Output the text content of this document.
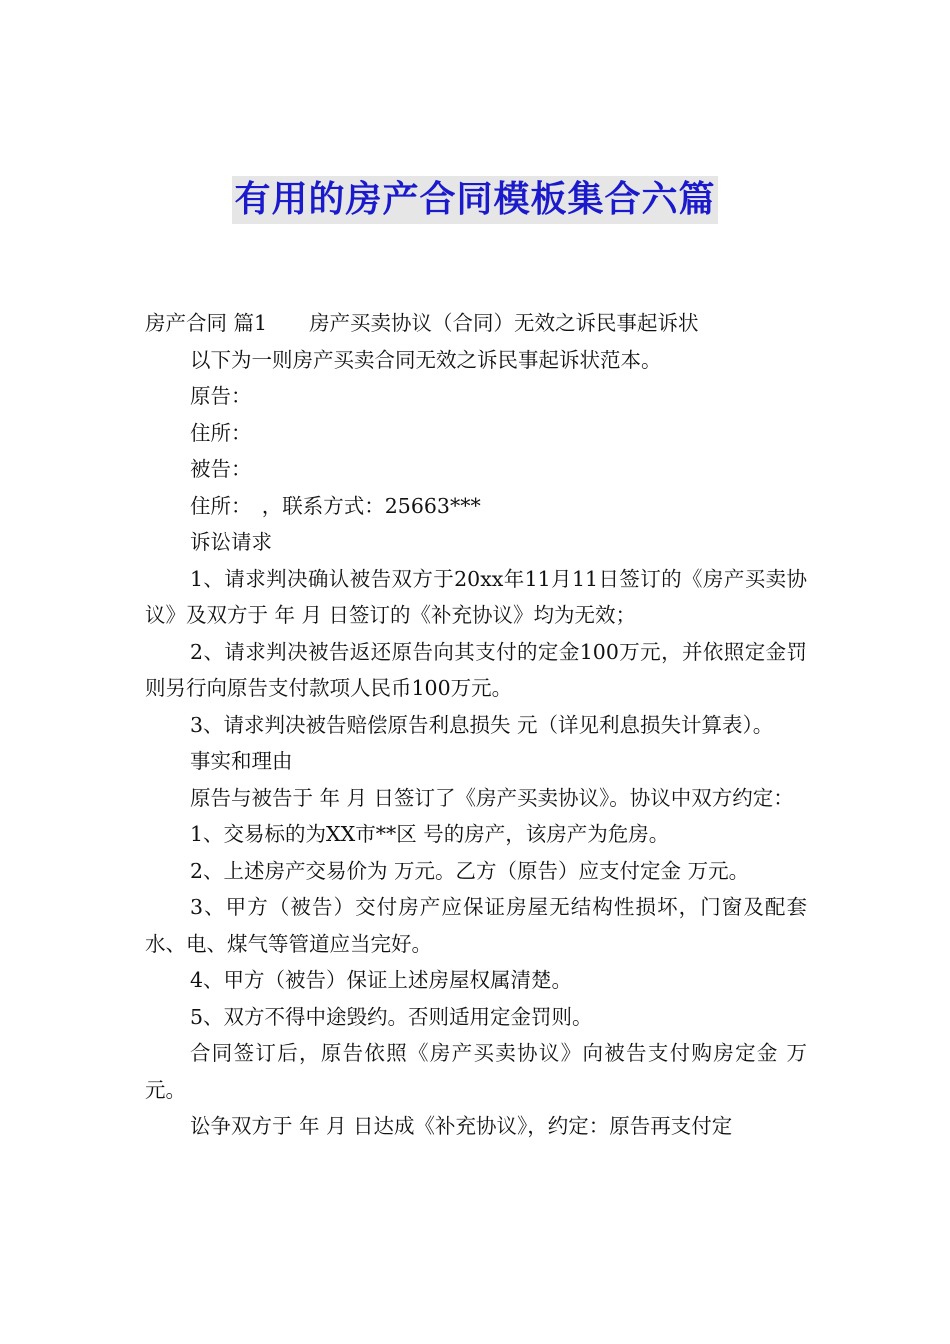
有用的房产合同模板集合六篇

房产合同 篇1 房产买卖协议（合同）无效之诉民事起诉状

以下为一则房产买卖合同无效之诉民事起诉状范本。

原告：

住所：

被告：

住所：　，联系方式：25663***

诉讼请求

1、请求判决确认被告双方于20xx年11月11日签订的《房产买卖协议》及双方于 年 月 日签订的《补充协议》均为无效；

2、请求判决被告返还原告向其支付的定金100万元，并依照定金罚则另行向原告支付款项人民币100万元。

3、请求判决被告赔偿原告利息损失 元（详见利息损失计算表）。

事实和理由

原告与被告于 年 月 日签订了《房产买卖协议》。协议中双方约定：

1、交易标的为XX市**区 号的房产，该房产为危房。

2、上述房产交易价为 万元。乙方（原告）应支付定金 万元。

3、甲方（被告）交付房产应保证房屋无结构性损坏，门窗及配套水、电、煤气等管道应当完好。

4、甲方（被告）保证上述房屋权属清楚。

5、双方不得中途毁约。否则适用定金罚则。

合同签订后，原告依照《房产买卖协议》向被告支付购房定金 万元。

讼争双方于 年 月 日达成《补充协议》，约定：原告再支付定
